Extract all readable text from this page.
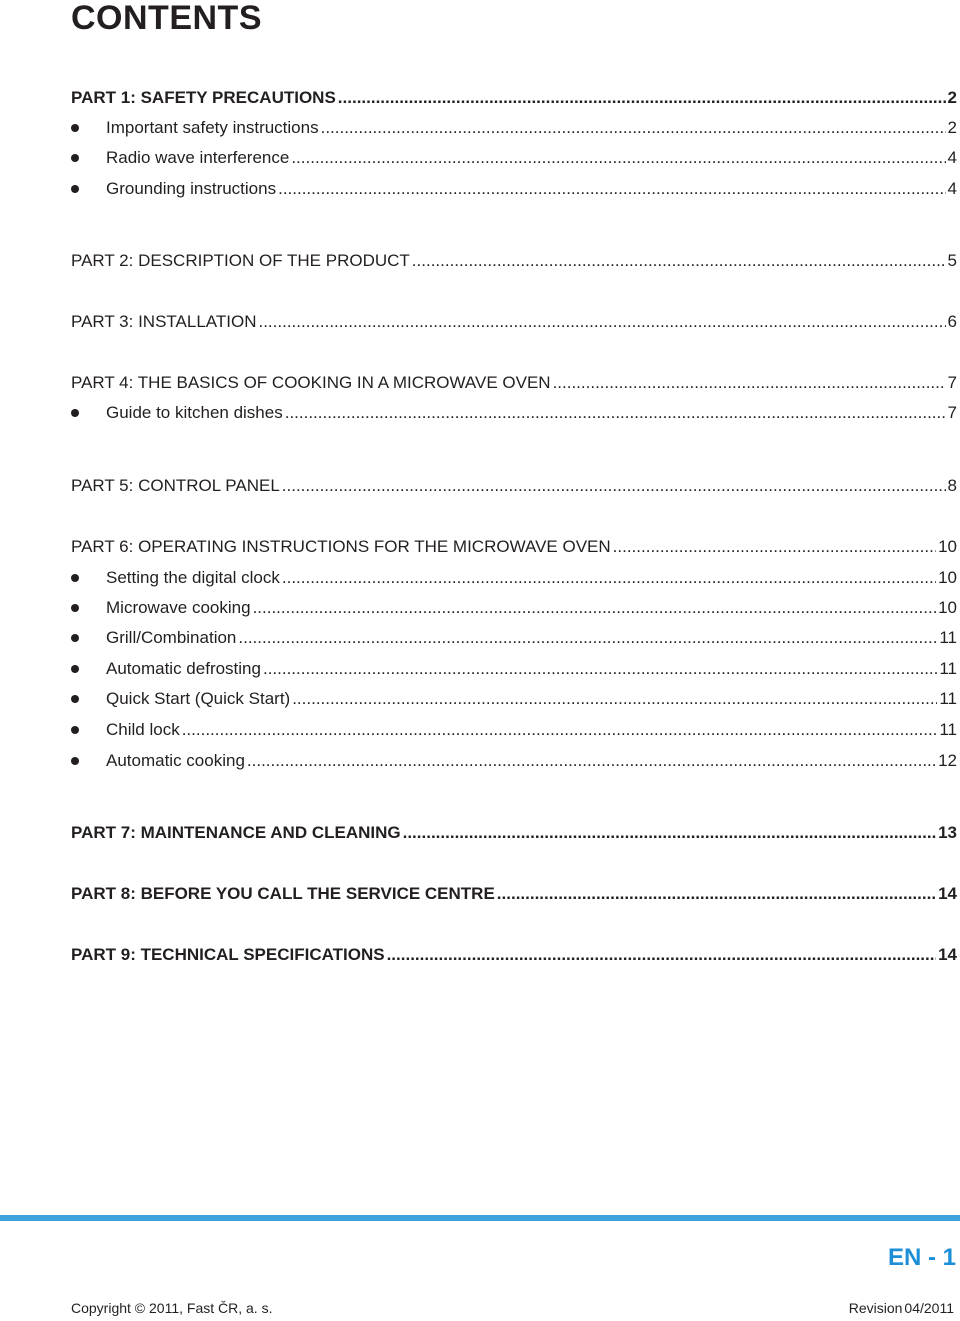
CONTENTS
PART 1: SAFETY PRECAUTIONS .....	2
Important safety instructions .....	2
Radio wave interference .....	4
Grounding instructions .....	4
PART 2: DESCRIPTION OF THE PRODUCT .....	5
PART 3: INSTALLATION .....	6
PART 4: THE BASICS OF COOKING IN A MICROWAVE OVEN .....	7
Guide to kitchen dishes .....	7
PART 5: CONTROL PANEL .....	8
PART 6: OPERATING INSTRUCTIONS FOR THE MICROWAVE OVEN .....	10
Setting the digital clock .....	10
Microwave cooking .....	10
Grill/Combination .....	11
Automatic defrosting .....	11
Quick Start (Quick Start) .....	11
Child lock .....	11
Automatic cooking .....	12
PART 7: MAINTENANCE AND CLEANING .....	13
PART 8: BEFORE YOU CALL THE SERVICE CENTRE .....	14
PART 9: TECHNICAL SPECIFICATIONS .....	14
EN - 1
Copyright © 2011, Fast ČR, a. s.	Revision 04/2011
